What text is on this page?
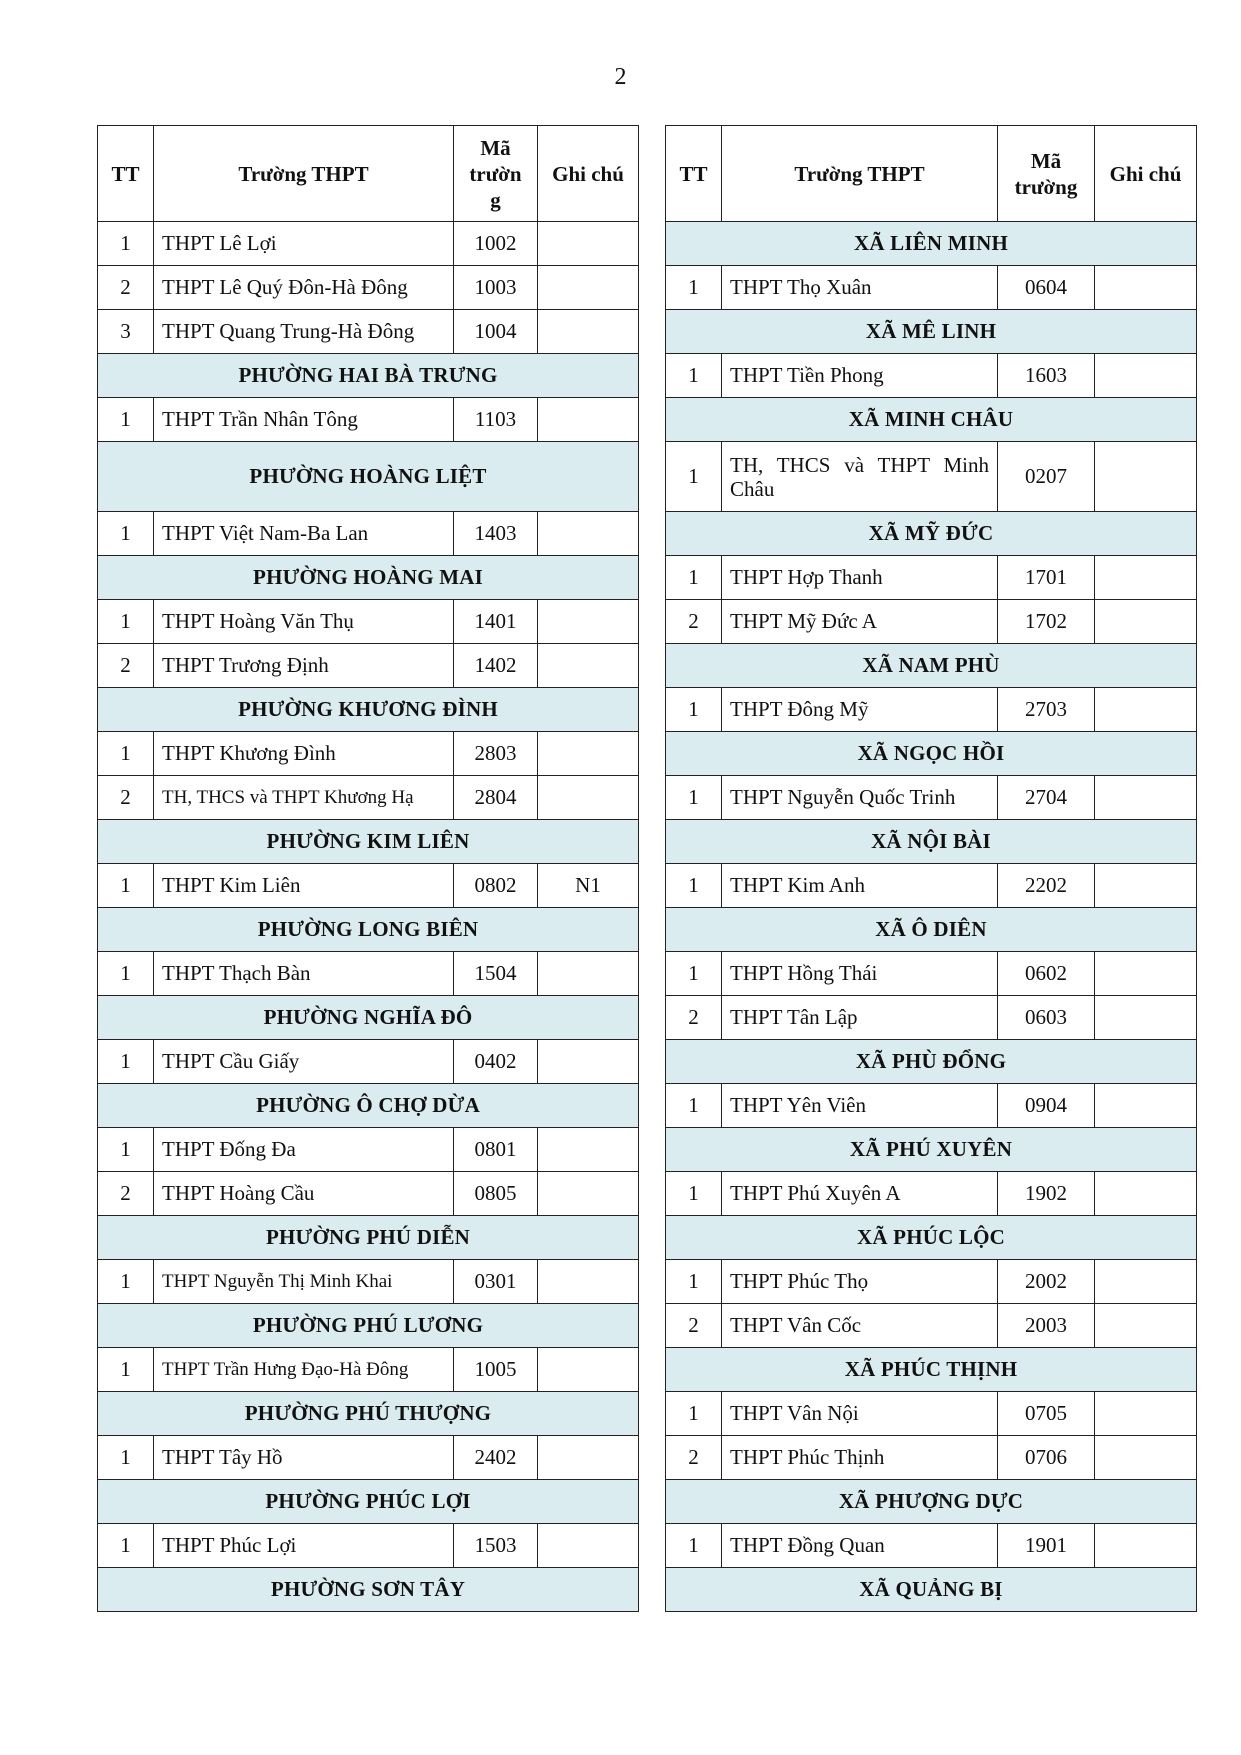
2
TT	Trường THPT	Mã trườn g	Ghi chú
1	THPT Lê Lợi	1002	
2	THPT Lê Quý Đôn-Hà Đông	1003	
3	THPT Quang Trung-Hà Đông	1004	
PHƯỜNG HAI BÀ TRƯNG			
1	THPT Trần Nhân Tông	1103	
PHƯỜNG HOÀNG LIỆT			
1	THPT Việt Nam-Ba Lan	1403	
PHƯỜNG HOÀNG MAI			
1	THPT Hoàng Văn Thụ	1401	
2	THPT Trương Định	1402	
PHƯỜNG KHƯƠNG ĐÌNH			
1	THPT Khương Đình	2803	
2	TH, THCS và THPT Khương Hạ	2804	
PHƯỜNG KIM LIÊN			
1	THPT Kim Liên	0802	N1
PHƯỜNG LONG BIÊN			
1	THPT Thạch Bàn	1504	
PHƯỜNG NGHĨA ĐÔ			
1	THPT Cầu Giấy	0402	
PHƯỜNG Ô CHỢ DỪA			
1	THPT Đống Đa	0801	
2	THPT Hoàng Cầu	0805	
PHƯỜNG PHÚ DIỄN			
1	THPT Nguyễn Thị Minh Khai	0301	
PHƯỜNG PHÚ LƯƠNG			
1	THPT Trần Hưng Đạo-Hà Đông	1005	
PHƯỜNG PHÚ THƯỢNG			
1	THPT Tây Hồ	2402	
PHƯỜNG PHÚC LỢI			
1	THPT Phúc Lợi	1503	
PHƯỜNG SƠN TÂY			
TT	Trường THPT	Mã trường	Ghi chú
XÃ LIÊN MINH			
1	THPT Thọ Xuân	0604	
XÃ MÊ LINH			
1	THPT Tiền Phong	1603	
XÃ MINH CHÂU			
1	TH, THCS và THPT Minh Châu	0207	
XÃ MỸ ĐỨC			
1	THPT Hợp Thanh	1701	
2	THPT Mỹ Đức A	1702	
XÃ NAM PHÙ			
1	THPT Đông Mỹ	2703	
XÃ NGỌC HỒI			
1	THPT Nguyễn Quốc Trinh	2704	
XÃ NỘI BÀI			
1	THPT Kim Anh	2202	
XÃ Ô DIÊN			
1	THPT Hồng Thái	0602	
2	THPT Tân Lập	0603	
XÃ PHÙ ĐỔNG			
1	THPT Yên Viên	0904	
XÃ PHÚ XUYÊN			
1	THPT Phú Xuyên A	1902	
XÃ PHÚC LỘC			
1	THPT Phúc Thọ	2002	
2	THPT Vân Cốc	2003	
XÃ PHÚC THỊNH			
1	THPT Vân Nội	0705	
2	THPT Phúc Thịnh	0706	
XÃ PHƯỢNG DỰC			
1	THPT Đồng Quan	1901	
XÃ QUẢNG BỊ			
